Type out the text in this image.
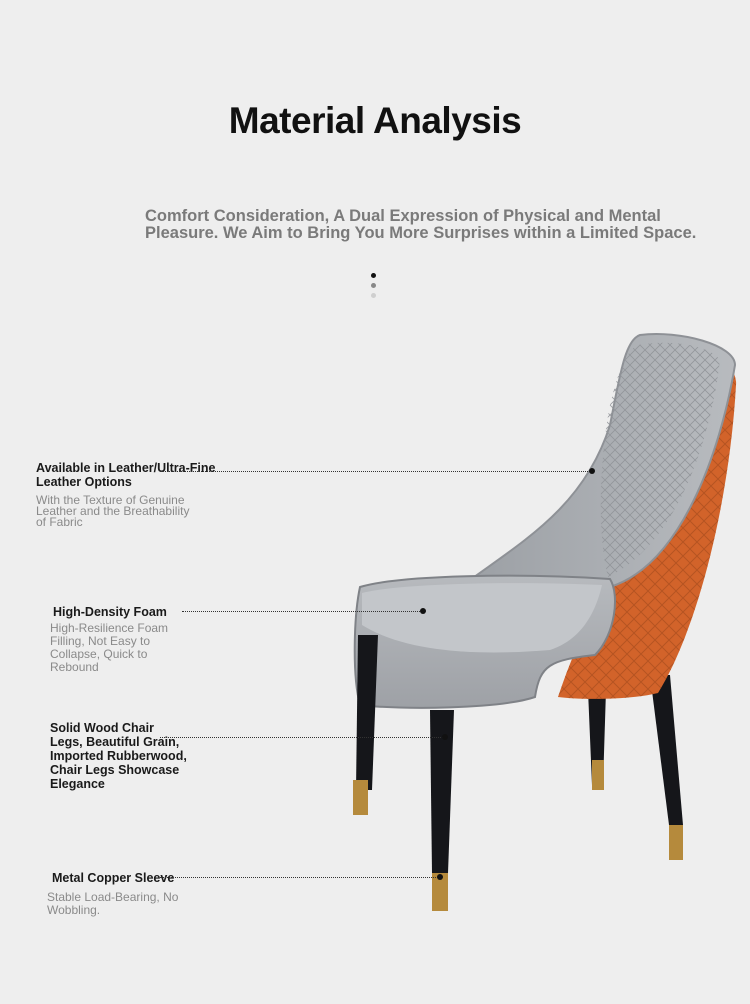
Material Analysis
Comfort Consideration, A Dual Expression of Physical and Mental Pleasure. We Aim to Bring You More Surprises within a Limited Space.
Available in Leather/Ultra-Fine Leather Options
With the Texture of Genuine Leather and the Breathability of Fabric
High-Density Foam
High-Resilience Foam Filling, Not Easy to Collapse, Quick to Rebound
Solid Wood Chair Legs, Beautiful Grain, Imported Rubberwood, Chair Legs Showcase Elegance
Metal Copper Sleeve
Stable Load-Bearing, No Wobbling.
